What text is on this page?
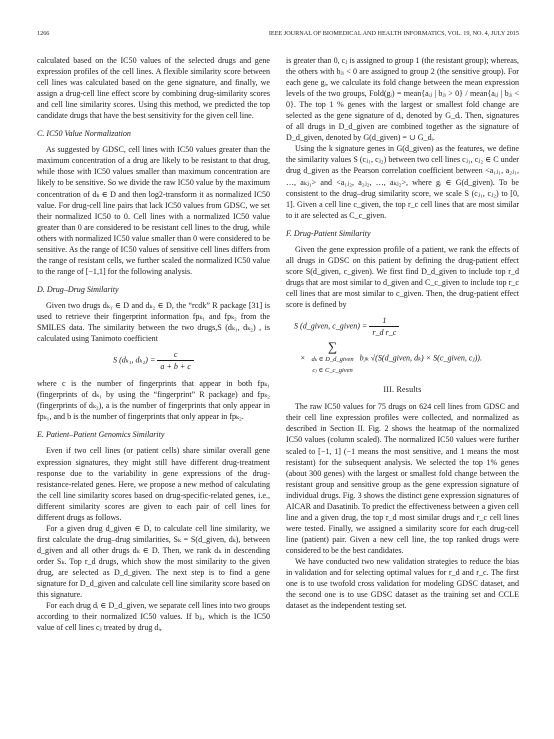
1266	IEEE JOURNAL OF BIOMEDICAL AND HEALTH INFORMATICS, VOL. 19, NO. 4, JULY 2015

calculated based on the IC50 values of the selected drugs and gene expression profiles of the cell lines. A flexible similarity score between cell lines was calculated based on the gene signature, and finally, we assign a drug-cell line effect score by combining drug-similarity scores and cell line similarity scores. Using this method, we predicted the top candidate drugs that have the best sensitivity for the given cell line.

C. IC50 Value Normalization

As suggested by GDSC, cell lines with IC50 values greater than the maximum concentration of a drug are likely to be resistant to that drug, while those with IC50 values smaller than maximum concentration are likely to be sensitive. So we divide the raw IC50 value by the maximum concentration of dₖ ∈ D and then log2-transform it as normalized IC50 value. For drug-cell line pairs that lack IC50 values from GDSC, we set their normalized IC50 to 0. Cell lines with a normalized IC50 value greater than 0 are considered to be resistant cell lines to the drug, while others with normalized IC50 value smaller than 0 were considered to be sensitive. As the range of IC50 values of sensitive cell lines differs from the range of resistant cells, we further scaled the normalized IC50 value to the range of [−1,1] for the following analysis.

D. Drug–Drug Similarity

Given two drugs dₖ₁ ∈ D and dₖ₂ ∈ D, the “rcdk” R package [31] is used to retrieve their fingerprint information fpₖ₁ and fpₖ₂ from the SMILES data. The similarity between the two drugs,S (dₖ₁, dₖ₂) , is calculated using Tanimoto coefficient

S (dₖ₁, $d_{k2}) = \frac{c}{a + b + c}$

where c is the number of fingerprints that appear in both fpₖ₁ (fingerprints of dₖ₁ by using the “fingerprint” R package) and fpₖ₂ (fingerprints of dₖ₂), a is the number of fingerprints that only appear in fpₖ₁, and b is the number of fingerprints that only appear in fpₖ₂.

E. Patient–Patient Genomics Similarity

Even if two cell lines (or patient cells) share similar overall gene expression signatures, they might still have different drug-treatment response due to the variability in gene expressions of the drug-resistance-related genes. Here, we propose a new method of calculating the cell line similarity scores based on drug-specific-related genes, i.e., different similarity scores are given to each pair of cell lines for different drugs as follows.

For a given drug d_given ∈ D, to calculate cell line similarity, we first calculate the drug–drug similarities, Sₖ = S(d_given, dₖ), between d_given and all other drugs dₖ ∈ D. Then, we rank dₖ in descending order Sₖ. Top r_d drugs, which show the most similarity to the given drug, are selected as D_d_given. The next step is to find a gene signature for D_d_given and calculate cell line similarity score based on this signature.

For each drug dᵢ ∈ D_d_given, we separate cell lines into two groups according to their normalized IC50 values. If bⱼᵢ, which is the IC50 value of cell lines cⱼ treated by drug dᵢ,

is greater than 0, cⱼ is assigned to group 1 (the resistant group); whereas, the others with bⱼᵢ < 0 are assigned to group 2 (the sensitive group). For each gene gᵢ, we calculate its fold change between the mean expression levels of the two groups, Fold(gᵢ) = mean{aᵢⱼ | bⱼᵢ > 0} / mean{aᵢⱼ | bⱼᵢ < 0}. The top 1 % genes with the largest or smallest fold change are selected as the gene signature of dᵢ, denoted by G_dᵢ. Then, signatures of all drugs in D_d_given are combined together as the signature of D_d_given, denoted by G(d_given) = ∪ G_dᵢ.

Using the k signature genes in G(d_given) as the features, we define the similarity values S (cⱼ₁, cⱼ₂) between two cell lines cⱼ₁, cⱼ₂ ∈ C under drug d_given as the Pearson correlation coefficient between <a₁ⱼ₁, a₂ⱼ₁, …, aₖⱼ₁> and <a₁ⱼ₂, a₂ⱼ₂, …, aₖⱼ₂>, where gᵢ ∈ G(d_given). To be consistent to the drug–drug similarity score, we scale S (cⱼ₁, cⱼ₂) to [0, 1]. Given a cell line c_given, the top r_c cell lines that are most similar to it are selected as C_c_given.

F. Drug-Patient Similarity

Given the gene expression profile of a patient, we rank the effects of all drugs in GDSC on this patient by defining the drug-patient effect score S(d_given, c_given). We first find D_d_given to include top r_d drugs that are most similar to d_given and C_c_given to include top r_c cell lines that are most similar to c_given. Then, the drug-patient effect score is defined by

S (d_given, c_given) = $\frac{1}{\text{r\_d r\_c}}$
× ∑
dₖ ∈ D_d_given
cⱼ ∈ C_c_given
bⱼₖ √(S(d_given, dₖ) × S(c_given, cⱼ)).
III. Results

The raw IC50 values for 75 drugs on 624 cell lines from GDSC and their cell line expression profiles were collected, and normalized as described in Section II. Fig. 2 shows the heatmap of the normalized IC50 values (column scaled). The normalized IC50 values were further scaled to [−1, 1] (−1 means the most sensitive, and 1 means the most resistant) for the subsequent analysis. We selected the top 1% genes (about 300 genes) with the largest or smallest fold change between the resistant group and sensitive group as the gene expression signature of individual drugs. Fig. 3 shows the distinct gene expression signatures of AICAR and Dasatinib. To predict the effectiveness between a given cell line and a given drug, the top r_d most similar drugs and r_c cell lines were tested. Finally, we assigned a similarity score for each drug-cell line (patient) pair. Given a new cell line, the top ranked drugs were considered to be the best candidates.

We have conducted two new validation strategies to reduce the bias in validation and for selecting optimal values for r_d and r_c. The first one is to use twofold cross validation for modeling GDSC dataset, and the second one is to use GDSC dataset as the training set and CCLE dataset as the independent testing set.
